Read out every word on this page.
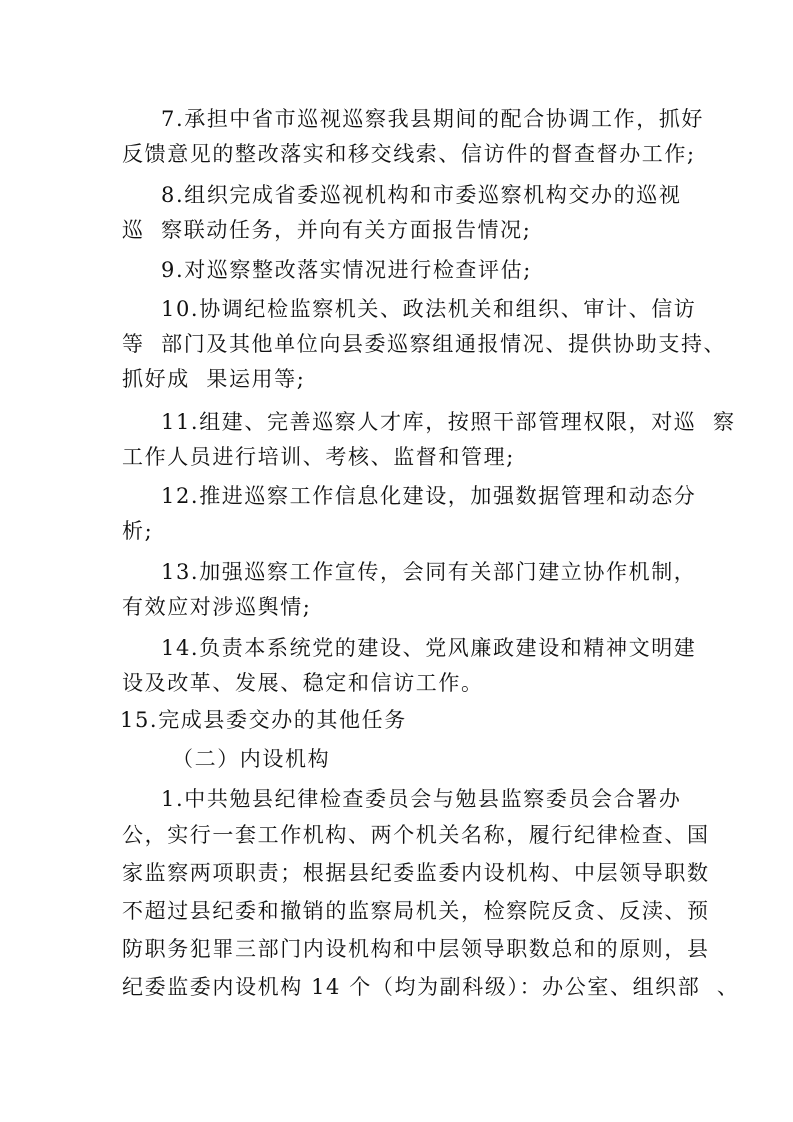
7.承担中省市巡视巡察我县期间的配合协调工作，抓好
反馈意见的整改落实和移交线索、信访件的督查督办工作;
8.组织完成省委巡视机构和市委巡察机构交办的巡视
巡  察联动任务，并向有关方面报告情况;
9.对巡察整改落实情况进行检查评估;
10.协调纪检监察机关、政法机关和组织、审计、信访
等  部门及其他单位向县委巡察组通报情况、提供协助支持、
抓好成  果运用等;
11.组建、完善巡察人才库，按照干部管理权限，对巡  察
工作人员进行培训、考核、监督和管理;
12.推进巡察工作信息化建设，加强数据管理和动态分
析;
13.加强巡察工作宣传，会同有关部门建立协作机制，
有效应对涉巡舆情;
14.负责本系统党的建设、党风廉政建设和精神文明建
设及改革、发展、稳定和信访工作。
15.完成县委交办的其他任务
（二）内设机构
1.中共勉县纪律检查委员会与勉县监察委员会合署办
公，实行一套工作机构、两个机关名称，履行纪律检查、国
家监察两项职责；根据县纪委监委内设机构、中层领导职数
不超过县纪委和撤销的监察局机关，检察院反贪、反渎、预
防职务犯罪三部门内设机构和中层领导职数总和的原则，县
纪委监委内设机构 14 个（均为副科级）：办公室、组织部  、
